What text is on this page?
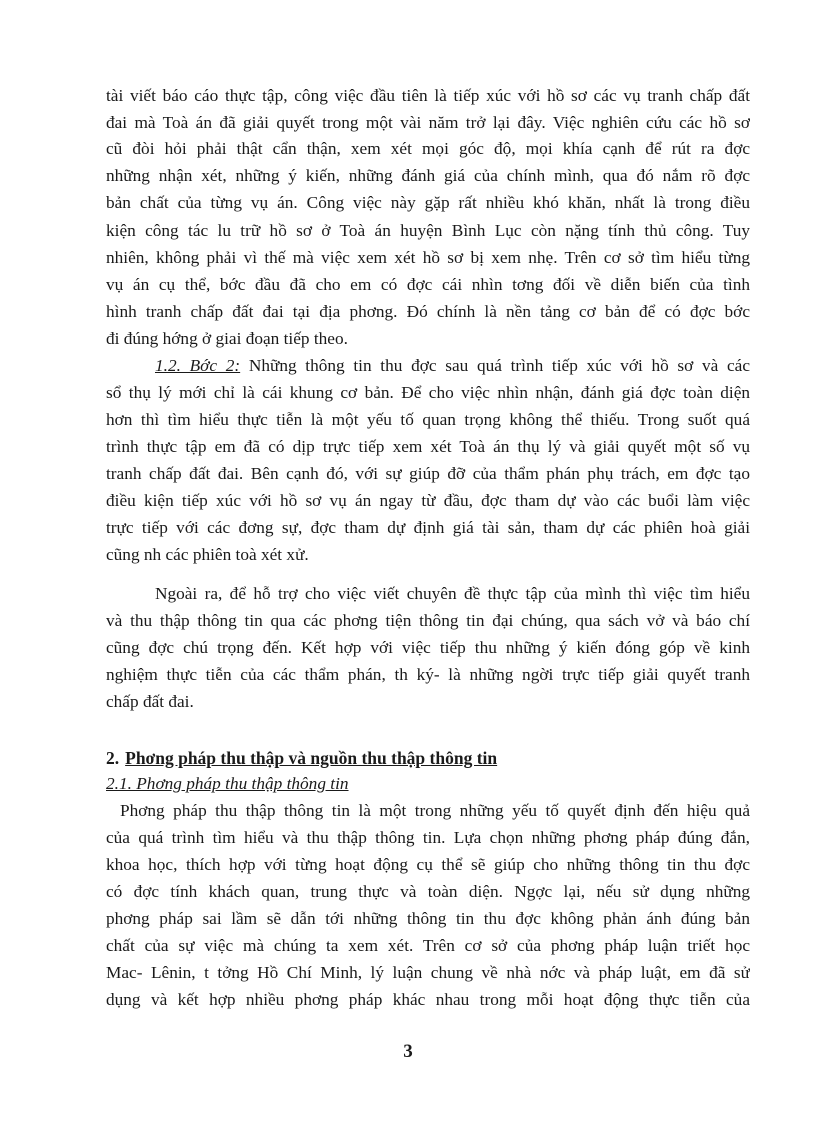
tài viết báo cáo thực tập, công việc đầu tiên là tiếp xúc với hồ sơ các vụ tranh chấp đất
đai mà Toà án đã giải quyết trong một vài năm trở lại đây. Việc nghiên cứu các hồ sơ
cũ đòi hỏi phải thật cẩn thận, xem xét mọi góc độ, mọi khía cạnh để rút ra đợc
những nhận xét, những ý kiến, những đánh giá của chính mình, qua đó nắm rõ đợc
bản chất của từng vụ án. Công việc này gặp rất nhiều khó khăn, nhất là trong điều
kiện công tác lu trữ hồ sơ ở Toà án huyện Bình Lục còn nặng tính thủ công. Tuy
nhiên, không phải vì thế mà việc xem xét hồ sơ bị xem nhẹ. Trên cơ sở tìm hiểu từng
vụ án cụ thể, bớc đầu đã cho em có đợc cái nhìn tơng đối về diễn biến của tình
hình tranh chấp đất đai tại địa phơng. Đó chính là nền tảng cơ bản để có đợc bớc
đi đúng hớng ở giai đoạn tiếp theo.
1.2. Bớc 2: Những thông tin thu đợc sau quá trình tiếp xúc với hồ sơ và các
sổ thụ lý mới chỉ là cái khung cơ bản. Để cho việc nhìn nhận, đánh giá đợc toàn diện
hơn thì tìm hiểu thực tiễn là một yếu tố quan trọng không thể thiếu. Trong suốt quá
trình thực tập em đã có dịp trực tiếp xem xét Toà án thụ lý và giải quyết một số vụ
tranh chấp đất đai. Bên cạnh đó, với sự giúp đỡ của thẩm phán phụ trách, em đợc tạo
điều kiện tiếp xúc với hồ sơ vụ án ngay từ đầu, đợc tham dự vào các buổi làm việc
trực tiếp với các đơng sự, đợc tham dự định giá tài sản, tham dự các phiên hoà giải
cũng nh các phiên toà xét xử.
Ngoài ra, để hỗ trợ cho việc viết chuyên đề thực tập của mình thì việc tìm hiểu
và thu thập thông tin qua các phơng tiện thông tin đại chúng, qua sách vở và báo chí
cũng đợc chú trọng đến. Kết hợp với việc tiếp thu những ý kiến đóng góp về kinh
nghiệm thực tiễn của các thẩm phán, th ký- là những ngời trực tiếp giải quyết tranh
chấp đất đai.
2. Phơng pháp thu thập và nguồn thu thập thông tin
2.1. Phơng pháp thu thập thông tin
Phơng pháp thu thập thông tin là một trong những yếu tố quyết định đến hiệu quả
của quá trình tìm hiểu và thu thập thông tin. Lựa chọn những phơng pháp đúng đắn,
khoa học, thích hợp với từng hoạt động cụ thể sẽ giúp cho những thông tin thu đợc
có đợc tính khách quan, trung thực và toàn diện. Ngợc lại, nếu sử dụng những
phơng pháp sai lầm sẽ dẫn tới những thông tin thu đợc không phản ánh đúng bản
chất của sự việc mà chúng ta xem xét. Trên cơ sở của phơng pháp luận triết học
Mac- Lênin, t tởng Hồ Chí Minh, lý luận chung về nhà nớc và pháp luật, em đã sử
dụng và kết hợp nhiều phơng pháp khác nhau trong mỗi hoạt động thực tiễn của
3
